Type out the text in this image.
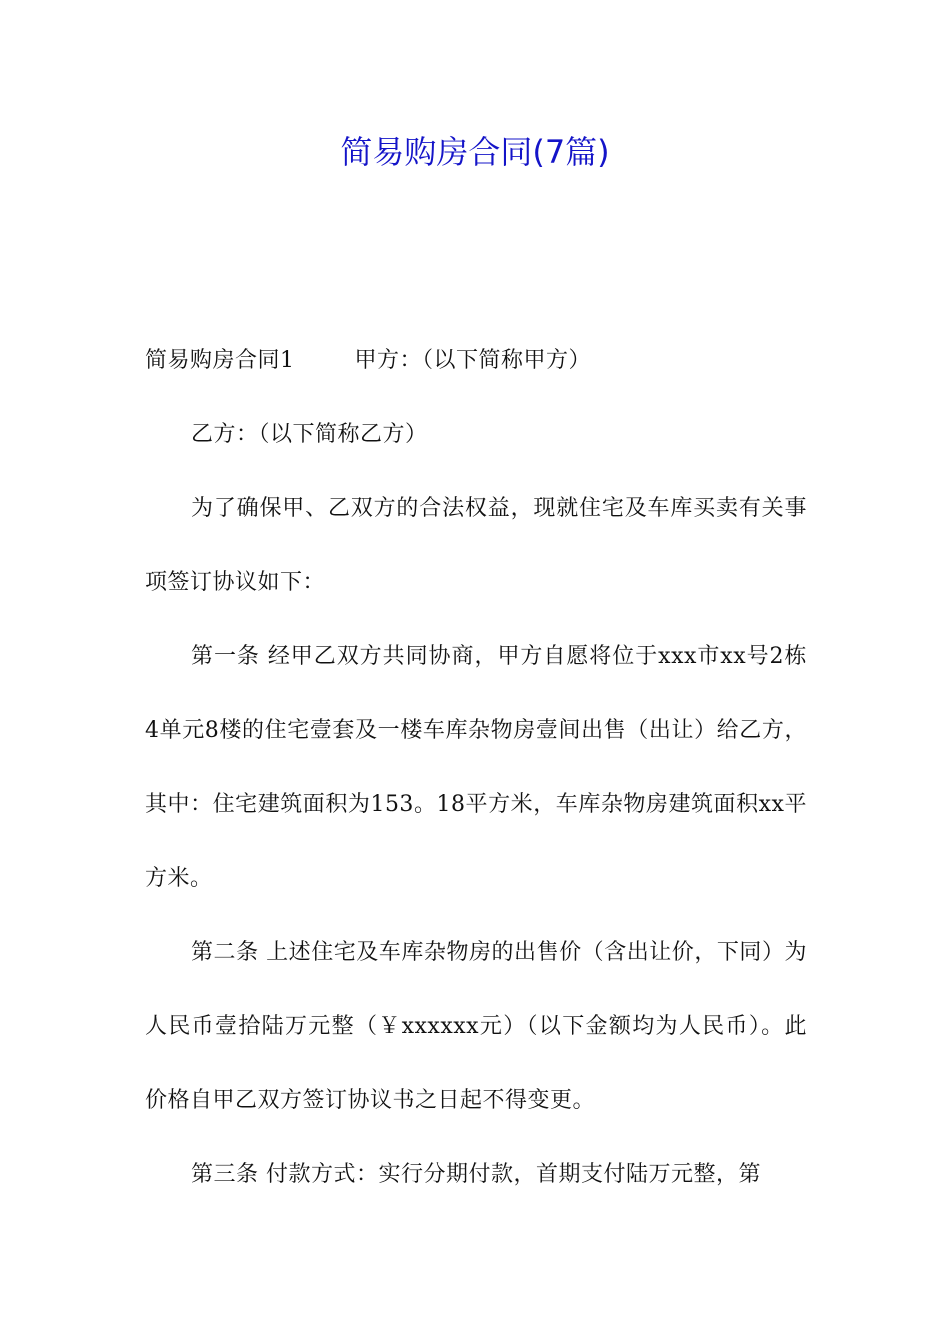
简易购房合同(7篇)

简易购房合同1	甲方：（以下简称甲方）

乙方：（以下简称乙方）

为了确保甲、乙双方的合法权益，现就住宅及车库买卖有关事项签订协议如下：

第一条 经甲乙双方共同协商，甲方自愿将位于xxx市xx号2栋4单元8楼的住宅壹套及一楼车库杂物房壹间出售（出让）给乙方，其中：住宅建筑面积为153。18平方米，车库杂物房建筑面积xx平方米。

第二条 上述住宅及车库杂物房的出售价（含出让价，下同）为人民币壹拾陆万元整（￥xxxxxx元）（以下金额均为人民币）。此价格自甲乙双方签订协议书之日起不得变更。

第三条 付款方式：实行分期付款，首期支付陆万元整，第
